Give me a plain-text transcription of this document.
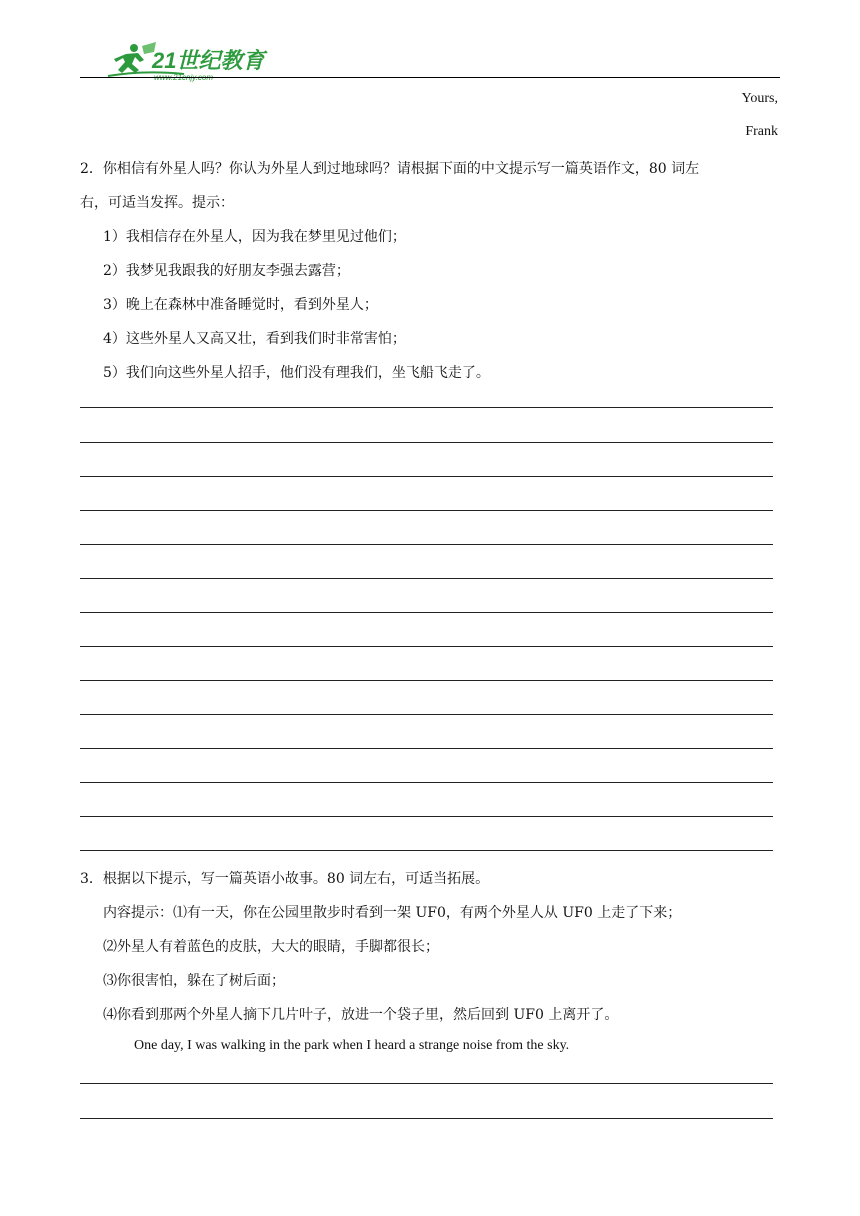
21世纪教育
Yours,
Frank
2．你相信有外星人吗？你认为外星人到过地球吗？请根据下面的中文提示写一篇英语作文，80 词左
右，可适当发挥。提示：
1）我相信存在外星人，因为我在梦里见过他们；
2）我梦见我跟我的好朋友李强去露营；
3）晚上在森林中准备睡觉时，看到外星人；
4）这些外星人又高又壮，看到我们时非常害怕；
5）我们向这些外星人招手，他们没有理我们，坐飞船飞走了。
3．根据以下提示，写一篇英语小故事。80 词左右，可适当拓展。
内容提示：⑴有一天，你在公园里散步时看到一架 UF0，有两个外星人从 UF0 上走了下来；
⑵外星人有着蓝色的皮肤，大大的眼睛，手脚都很长；
⑶你很害怕，躲在了树后面；
⑷你看到那两个外星人摘下几片叶子，放进一个袋子里，然后回到 UF0 上离开了。
One day, I was walking in the park when I heard a strange noise from the sky.
